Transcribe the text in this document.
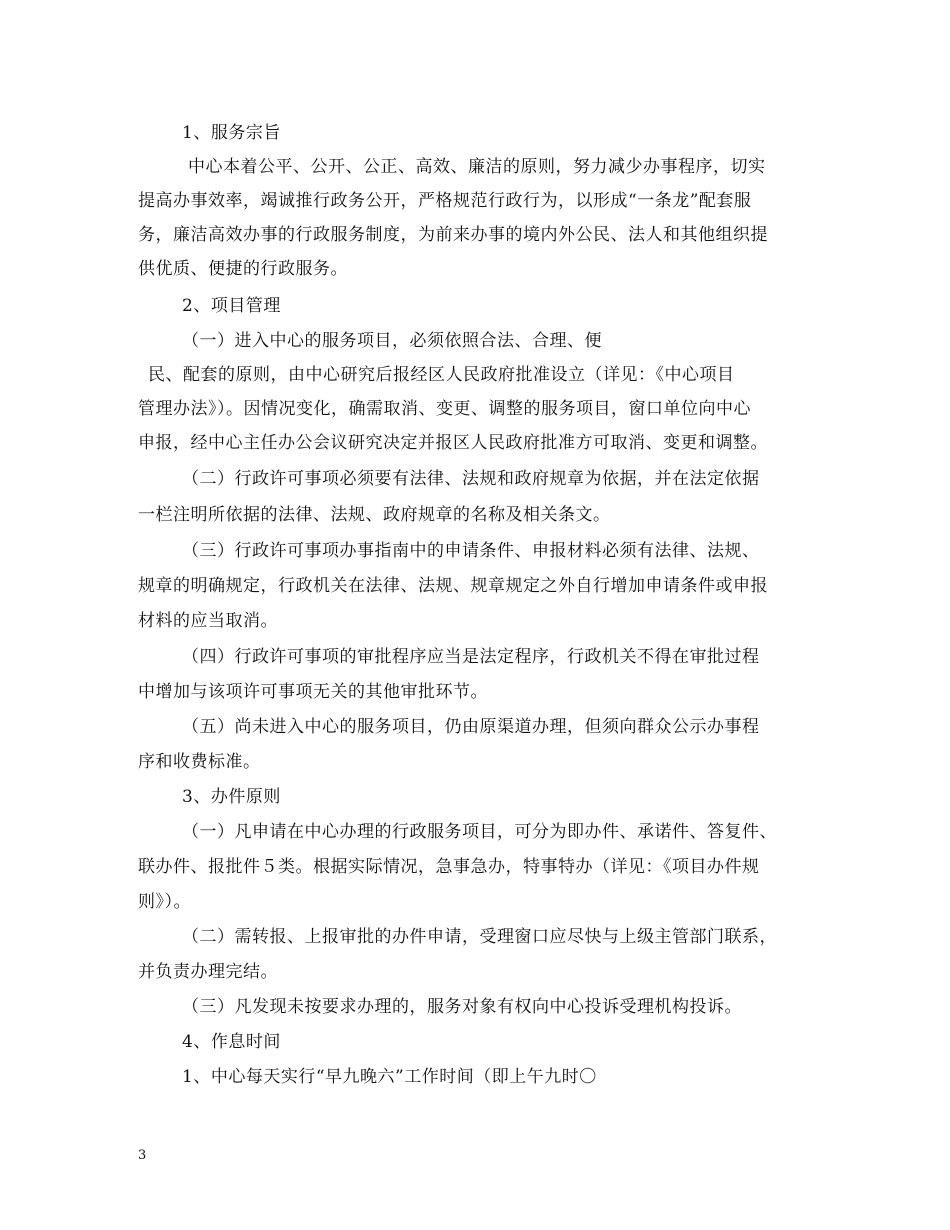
1、服务宗旨
中心本着公平、公开、公正、高效、廉洁的原则，努力减少办事程序，切实
提高办事效率，竭诚推行政务公开，严格规范行政行为，以形成“一条龙”配套服
务，廉洁高效办事的行政服务制度，为前来办事的境内外公民、法人和其他组织提
供优质、便捷的行政服务。
2、项目管理
（一）进入中心的服务项目，必须依照合法、合理、便
民、配套的原则，由中心研究后报经区人民政府批准设立（详见：《中心项目
管理办法》）。因情况变化，确需取消、变更、调整的服务项目，窗口单位向中心
申报，经中心主任办公会议研究决定并报区人民政府批准方可取消、变更和调整。
（二）行政许可事项必须要有法律、法规和政府规章为依据，并在法定依据
一栏注明所依据的法律、法规、政府规章的名称及相关条文。
（三）行政许可事项办事指南中的申请条件、申报材料必须有法律、法规、
规章的明确规定，行政机关在法律、法规、规章规定之外自行增加申请条件或申报
材料的应当取消。
（四）行政许可事项的审批程序应当是法定程序，行政机关不得在审批过程
中增加与该项许可事项无关的其他审批环节。
（五）尚未进入中心的服务项目，仍由原渠道办理，但须向群众公示办事程
序和收费标准。
3、办件原则
（一）凡申请在中心办理的行政服务项目，可分为即办件、承诺件、答复件、
联办件、报批件５类。根据实际情况，急事急办，特事特办（详见：《项目办件规
则》）。
（二）需转报、上报审批的办件申请，受理窗口应尽快与上级主管部门联系，
并负责办理完结。
（三）凡发现未按要求办理的，服务对象有权向中心投诉受理机构投诉。
4、作息时间
1、中心每天实行“早九晚六”工作时间（即上午九时〇
3
